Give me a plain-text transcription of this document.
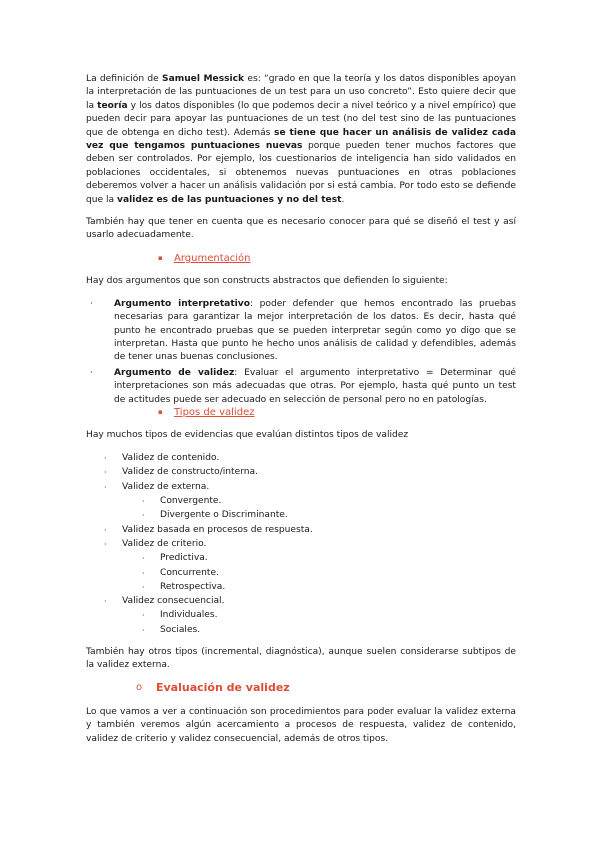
La definición de Samuel Messick es: “grado en que la teoría y los datos disponibles apoyan la interpretación de las puntuaciones de un test para un uso concreto”. Esto quiere decir que la teoría y los datos disponibles (lo que podemos decir a nivel teórico y a nivel empírico) que pueden decir para apoyar las puntuaciones de un test (no del test sino de las puntuaciones que de obtenga en dicho test). Además se tiene que hacer un análisis de validez cada vez que tengamos puntuaciones nuevas porque pueden tener muchos factores que deben ser controlados. Por ejemplo, los cuestionarios de inteligencia han sido validados en poblaciones occidentales, si obtenemos nuevas puntuaciones en otras poblaciones deberemos volver a hacer un análisis validación por si está cambia. Por todo esto se defiende que la validez es de las puntuaciones y no del test.

También hay que tener en cuenta que es necesario conocer para qué se diseñó el test y así usarlo adecuadamente.

▪	Argumentación

Hay dos argumentos que son constructs abstractos que defienden lo siguiente:

·	Argumento interpretativo: poder defender que hemos encontrado las pruebas necesarias para garantizar la mejor interpretación de los datos. Es decir, hasta qué punto he encontrado pruebas que se pueden interpretar según como yo digo que se interpretan. Hasta que punto he hecho unos análisis de calidad y defendibles, además de tener unas buenas conclusiones.
·	Argumento de validez: Evaluar el argumento interpretativo = Determinar qué interpretaciones son más adecuadas que otras. Por ejemplo, hasta qué punto un test de actitudes puede ser adecuado en selección de personal pero no en patologías.
▪	Tipos de validez

Hay muchos tipos de evidencias que evalúan distintos tipos de validez

·	Validez de contenido.
·	Validez de constructo/interna.
·	Validez de externa.
·	Convergente.
·	Divergente o Discriminante.
·	Validez basada en procesos de respuesta.
·	Validez de criterio.
·	Predictiva.
·	Concurrente.
·	Retrospectiva.
·	Validez consecuencial.
·	Individuales.
·	Sociales.

También hay otros tipos (incremental, diagnóstica), aunque suelen considerarse subtipos de la validez externa.

o	Evaluación de validez

Lo que vamos a ver a continuación son procedimientos para poder evaluar la validez externa y también veremos algún acercamiento a procesos de respuesta, validez de contenido, validez de criterio y validez consecuencial, además de otros tipos.
